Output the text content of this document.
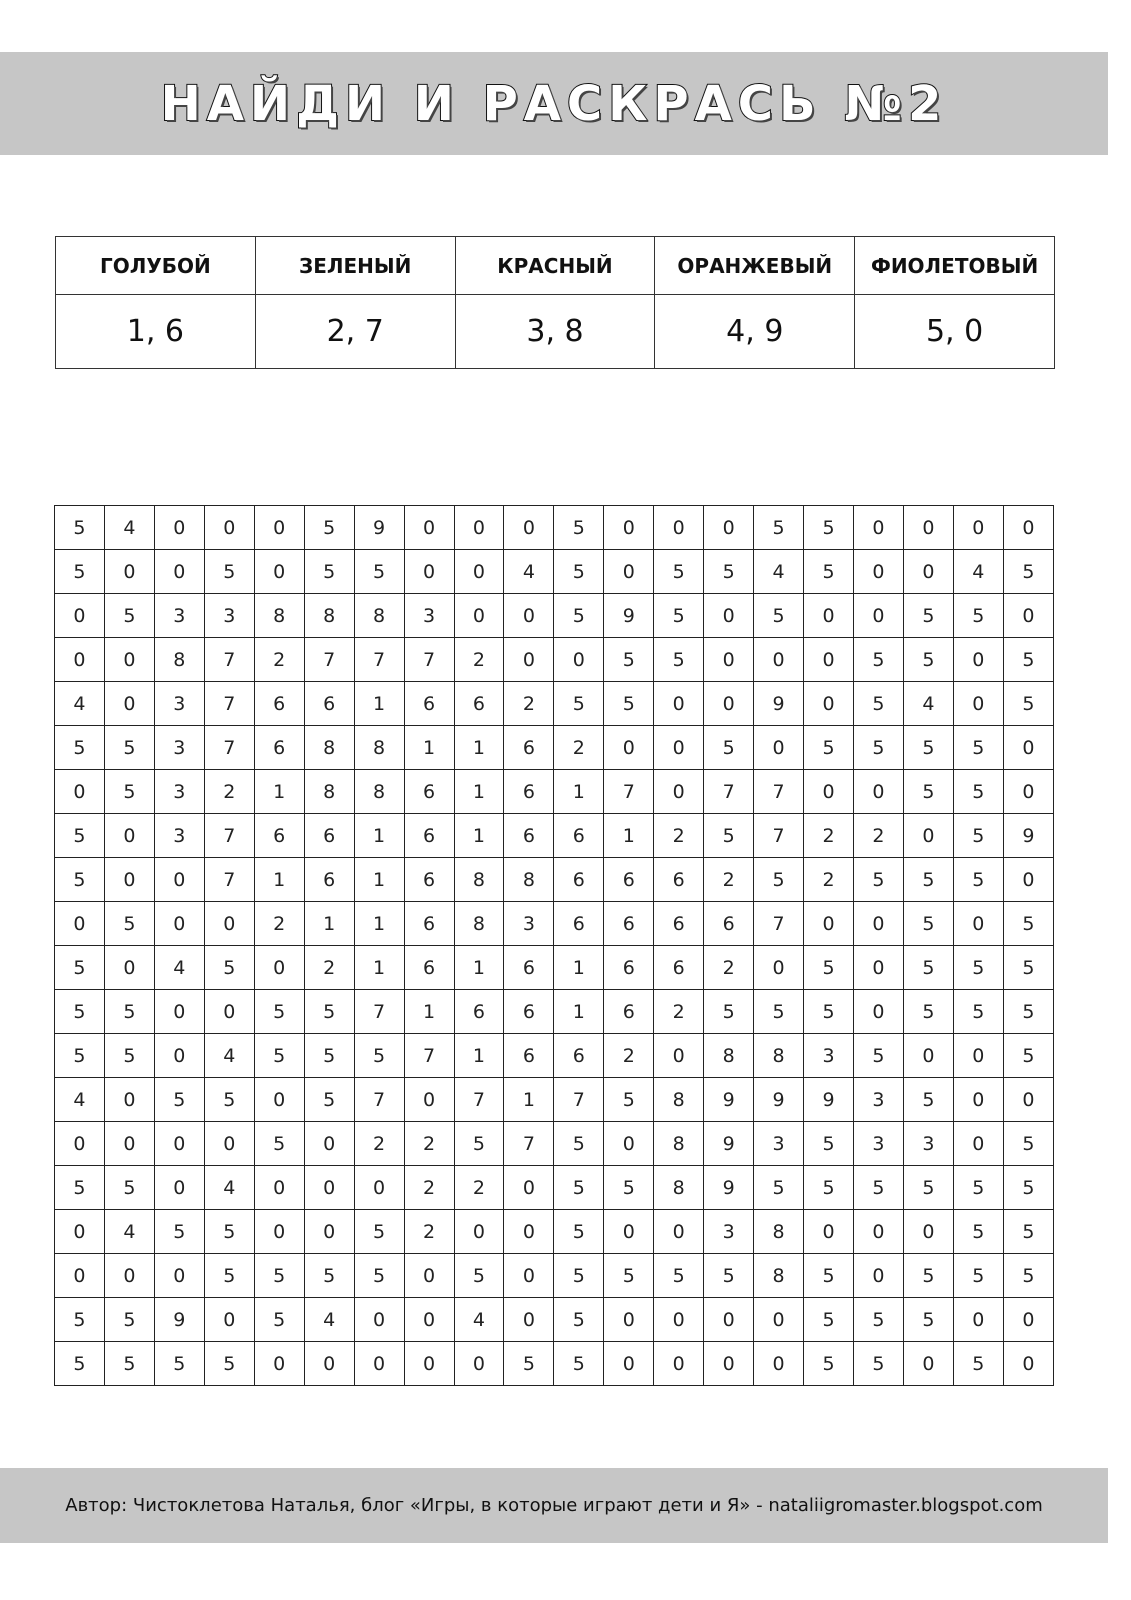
НАЙДИ И РАСКРАСЬ №2
ГОЛУБОЙ	ЗЕЛЕНЫЙ	КРАСНЫЙ	ОРАНЖЕВЫЙ	ФИОЛЕТОВЫЙ
1, 6	2, 7	3, 8	4, 9	5, 0
5	4	0	0	0	5	9	0	0	0	5	0	0	0	5	5	0	0	0	0
5	0	0	5	0	5	5	0	0	4	5	0	5	5	4	5	0	0	4	5
0	5	3	3	8	8	8	3	0	0	5	9	5	0	5	0	0	5	5	0
0	0	8	7	2	7	7	7	2	0	0	5	5	0	0	0	5	5	0	5
4	0	3	7	6	6	1	6	6	2	5	5	0	0	9	0	5	4	0	5
5	5	3	7	6	8	8	1	1	6	2	0	0	5	0	5	5	5	5	0
0	5	3	2	1	8	8	6	1	6	1	7	0	7	7	0	0	5	5	0
5	0	3	7	6	6	1	6	1	6	6	1	2	5	7	2	2	0	5	9
5	0	0	7	1	6	1	6	8	8	6	6	6	2	5	2	5	5	5	0
0	5	0	0	2	1	1	6	8	3	6	6	6	6	7	0	0	5	0	5
5	0	4	5	0	2	1	6	1	6	1	6	6	2	0	5	0	5	5	5
5	5	0	0	5	5	7	1	6	6	1	6	2	5	5	5	0	5	5	5
5	5	0	4	5	5	5	7	1	6	6	2	0	8	8	3	5	0	0	5
4	0	5	5	0	5	7	0	7	1	7	5	8	9	9	9	3	5	0	0
0	0	0	0	5	0	2	2	5	7	5	0	8	9	3	5	3	3	0	5
5	5	0	4	0	0	0	2	2	0	5	5	8	9	5	5	5	5	5	5
0	4	5	5	0	0	5	2	0	0	5	0	0	3	8	0	0	0	5	5
0	0	0	5	5	5	5	0	5	0	5	5	5	5	8	5	0	5	5	5
5	5	9	0	5	4	0	0	4	0	5	0	0	0	0	5	5	5	0	0
5	5	5	5	0	0	0	0	0	5	5	0	0	0	0	5	5	0	5	0
Автор: Чистоклетова Наталья, блог «Игры, в которые играют дети и Я» - nataliigromaster.blogspot.com
